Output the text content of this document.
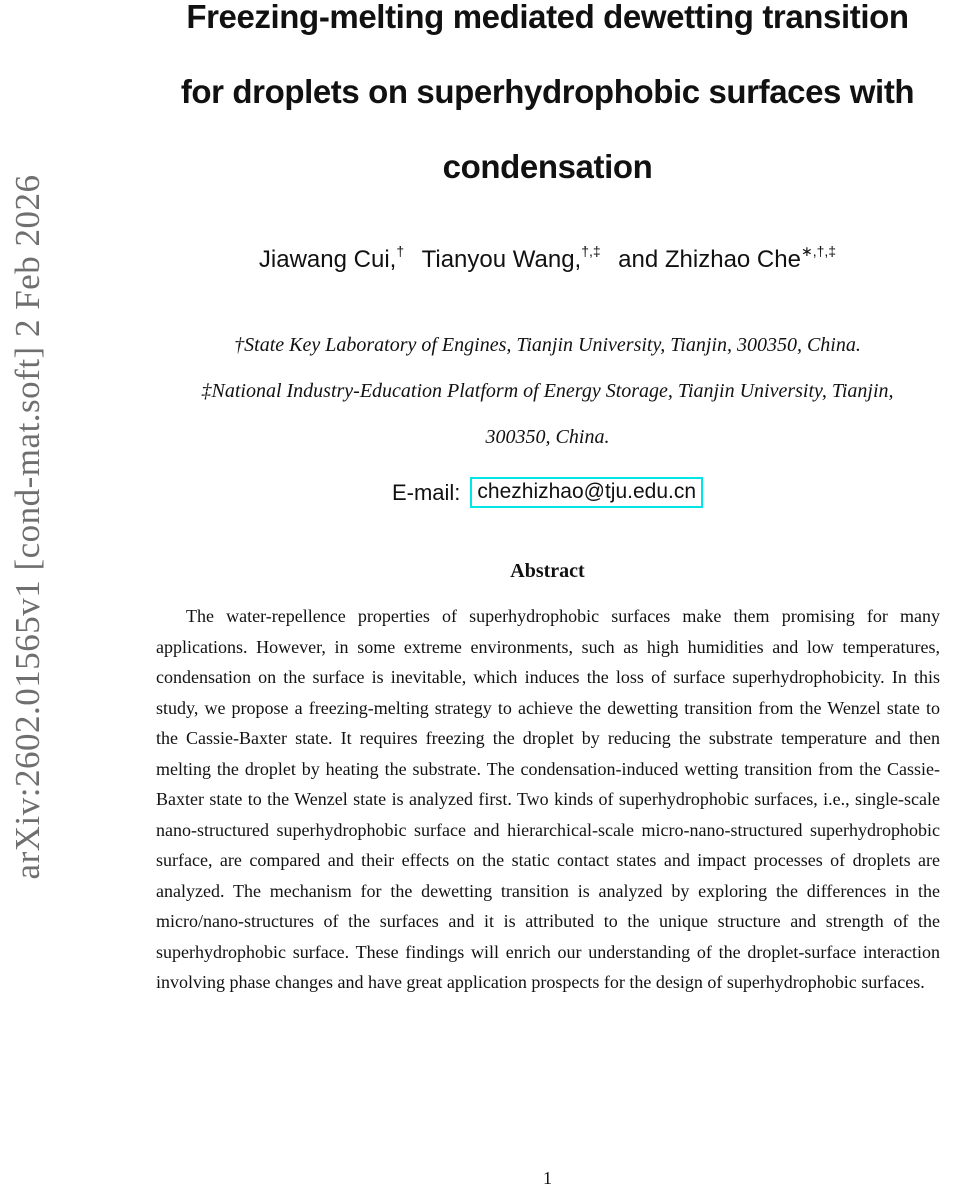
arXiv:2602.01565v1 [cond-mat.soft] 2 Feb 2026
Freezing-melting mediated dewetting transition
for droplets on superhydrophobic surfaces with
condensation
Jiawang Cui,† Tianyou Wang,†,‡ and Zhizhao Che∗,†,‡
†State Key Laboratory of Engines, Tianjin University, Tianjin, 300350, China.
‡National Industry-Education Platform of Energy Storage, Tianjin University, Tianjin,
300350, China.
E-mail: chezhizhao@tju.edu.cn
Abstract

The water-repellence properties of superhydrophobic surfaces make them promising for many applications. However, in some extreme environments, such as high humidities and low temperatures, condensation on the surface is inevitable, which induces the loss of surface superhydrophobicity. In this study, we propose a freezing-melting strategy to achieve the dewetting transition from the Wenzel state to the Cassie-Baxter state. It requires freezing the droplet by reducing the substrate temperature and then melting the droplet by heating the substrate. The condensation-induced wetting transition from the Cassie-Baxter state to the Wenzel state is analyzed first. Two kinds of superhydrophobic surfaces, i.e., single-scale nano-structured superhydrophobic surface and hierarchical-scale micro-nano-structured superhydrophobic surface, are compared and their effects on the static contact states and impact processes of droplets are analyzed. The mechanism for the dewetting transition is analyzed by exploring the differences in the micro/nano-structures of the surfaces and it is attributed to the unique structure and strength of the superhydrophobic surface. These findings will enrich our understanding of the droplet-surface interaction involving phase changes and have great application prospects for the design of superhydrophobic surfaces.

1
